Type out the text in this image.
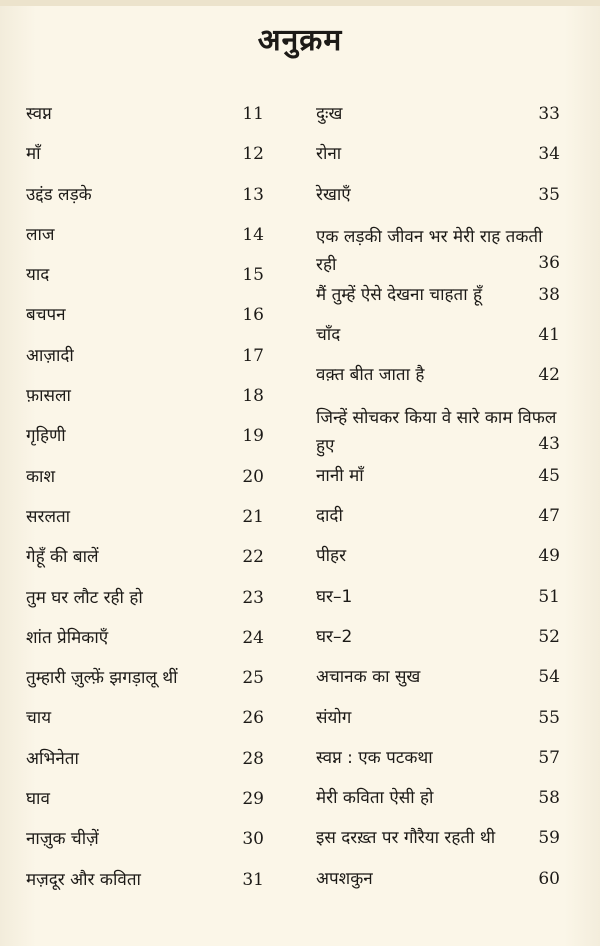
अनुक्रम
स्वप्न	11
माँ	12
उद्दंड लड़के	13
लाज	14
याद	15
बचपन	16
आज़ादी	17
फ़ासला	18
गृहिणी	19
काश	20
सरलता	21
गेहूँ की बालें	22
तुम घर लौट रही हो	23
शांत प्रेमिकाएँ	24
तुम्हारी ज़ुल्फ़ें झगड़ालू थीं	25
चाय	26
अभिनेता	28
घाव	29
नाज़ुक चीज़ें	30
मज़दूर और कविता	31
दुःख	33
रोना	34
रेखाएँ	35
एक लड़की जीवन भर मेरी राह तकती रही	36
मैं तुम्हें ऐसे देखना चाहता हूँ	38
चाँद	41
वक़्त बीत जाता है	42
जिन्हें सोचकर किया वे सारे काम विफल हुए	43
नानी माँ	45
दादी	47
पीहर	49
घर–1	51
घर–2	52
अचानक का सुख	54
संयोग	55
स्वप्न : एक पटकथा	57
मेरी कविता ऐसी हो	58
इस दरख़्त पर गौरैया रहती थी	59
अपशकुन	60
